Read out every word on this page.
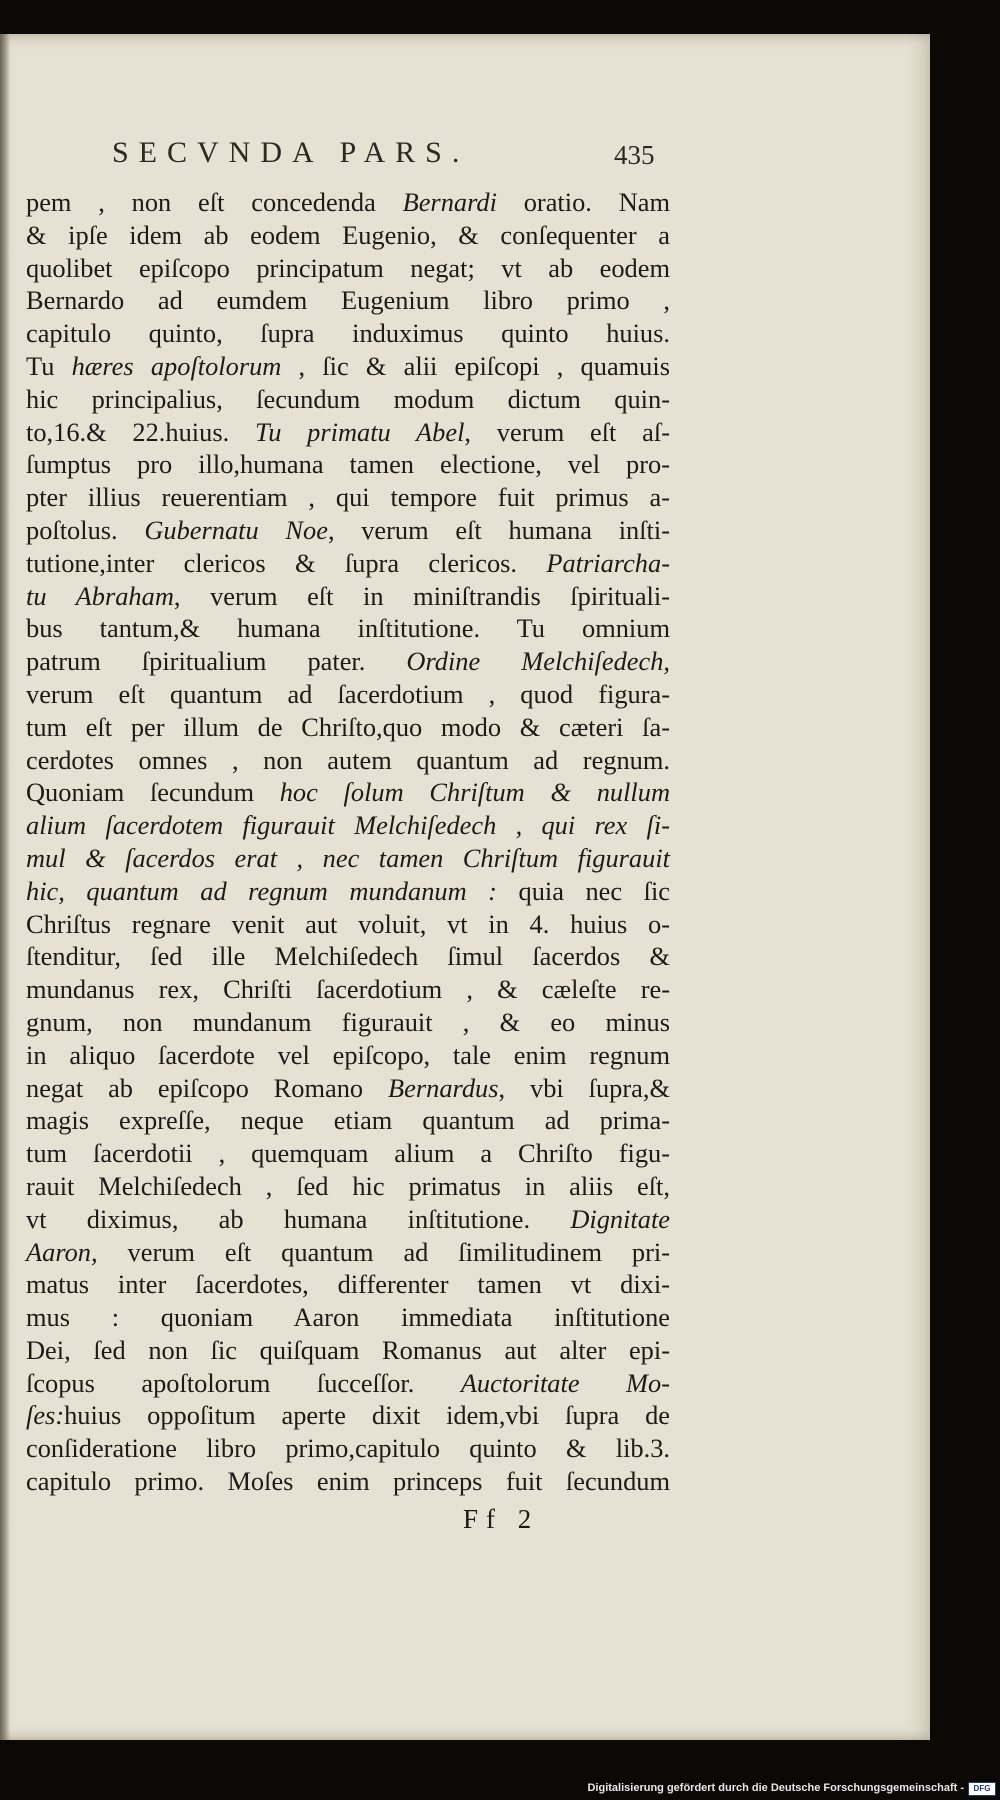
SECVNDA PARS.	435
pem , non eſt concedenda Bernardi oratio. Nam
& ipſe idem ab eodem Eugenio, & conſequenter a
quolibet epiſcopo principatum negat; vt ab eodem
Bernardo ad eumdem Eugenium libro primo ,
capitulo quinto, ſupra induximus quinto huius.
Tu hæres apoſtolorum , ſic & alii epiſcopi , quamuis
hic principalius, ſecundum modum dictum quin-
to,16.& 22.huius. Tu primatu Abel, verum eſt aſ-
ſumptus pro illo,humana tamen electione, vel pro-
pter illius reuerentiam , qui tempore fuit primus a-
poſtolus. Gubernatu Noe, verum eſt humana inſti-
tutione,inter clericos & ſupra clericos. Patriarcha-
tu Abraham, verum eſt in miniſtrandis ſpirituali-
bus tantum,& humana inſtitutione. Tu omnium
patrum ſpiritualium pater. Ordine Melchiſedech,
verum eſt quantum ad ſacerdotium , quod figura-
tum eſt per illum de Chriſto,quo modo & cæteri ſa-
cerdotes omnes , non autem quantum ad regnum.
Quoniam ſecundum hoc ſolum Chriſtum & nullum
alium ſacerdotem figurauit Melchiſedech , qui rex ſi-
mul & ſacerdos erat , nec tamen Chriſtum figurauit
hic, quantum ad regnum mundanum : quia nec ſic
Chriſtus regnare venit aut voluit, vt in 4. huius o-
ſtenditur, ſed ille Melchiſedech ſimul ſacerdos &
mundanus rex, Chriſti ſacerdotium , & cæleſte re-
gnum, non mundanum figurauit , & eo minus
in aliquo ſacerdote vel epiſcopo, tale enim regnum
negat ab epiſcopo Romano Bernardus, vbi ſupra,&
magis expreſſe, neque etiam quantum ad prima-
tum ſacerdotii , quemquam alium a Chriſto figu-
rauit Melchiſedech , ſed hic primatus in aliis eſt,
vt diximus, ab humana inſtitutione. Dignitate
Aaron, verum eſt quantum ad ſimilitudinem pri-
matus inter ſacerdotes, differenter tamen vt dixi-
mus : quoniam Aaron immediata inſtitutione
Dei, ſed non ſic quiſquam Romanus aut alter epi-
ſcopus apoſtolorum ſucceſſor. Auctoritate Mo-
ſes:huius oppoſitum aperte dixit idem,vbi ſupra de
conſideratione libro primo,capitulo quinto & lib.3.
capitulo primo. Moſes enim princeps fuit ſecundum
Ff 2
Digitalisierung gefördert durch die Deutsche Forschungsgemeinschaft -	DFG
